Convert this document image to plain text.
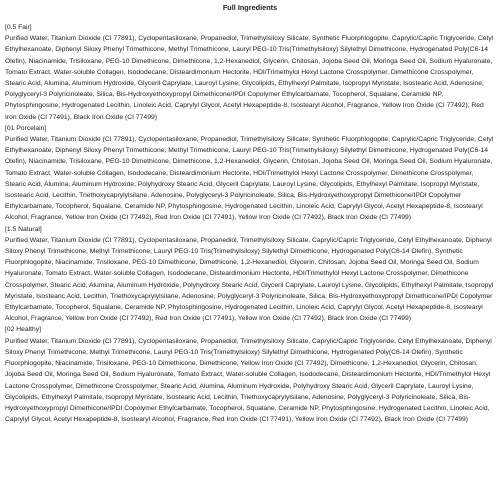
Full Ingredients
[0.5 Fair]
Purified Water, Titanium Dioxide (CI 77891), Cyclopentasiloxane, Propanediol, Trimethylsiloxy Silicate, Synthetic Fluorphlogopite, Caprylic/Capric Triglyceride, Cetyl Ethylhexanoate, Diphenyl Siloxy Phenyl Trimethicone, Methyl Trimethicone, Lauryl PEG-10 Tris(Trimethylsiloxy) Silylethyl Dimethicone, Hydrogenated Poly(C6-14 Olefin), Niacinamide, Trisiloxane, PEG-10 Dimethicone, Dimethicone, 1,2-Hexanediol, Glycerin, Chitosan, Jojoba Seed Oil, Moringa Seed Oil, Sodium Hyaluronate, Tomato Extract, Water-soluble Collagen, Isododecane, Disteardimonium Hectorite, HDI/Trimethylol Hexyl Lactone Crosspolymer, Dimethicone Crosspolymer, Stearic Acid, Alumina, Aluminum Hydroxide, Glyceril Caprylate, Lauroyl Lysine, Glycolipids, Ethylhexyl Palmitate, Isopropyl Myristate, Isostearic Acid, Adenosine, Polyglyceryl-3 Polyricinoleate, Silica, Bis-Hydroxyethoxypropyl Dimethicone/IPDI Copolymer Ethylcarbamate, Tocopherol, Squalane, Ceramide NP, Phytosphingosine, Hydrogenated Lecithin, Linoleic Acid, Caprylyl Glycol, Acetyl Hexapeptide-8, Isostearyl Alcohol, Fragrance, Yellow Iron Oxide (CI 77492), Red Iron Oxide (CI 77491), Black Iron Oxide (CI 77499)
[01 Porcelain]
Purified Water, Titanium Dioxide (CI 77891), Cyclopentasiloxane, Propanediol, Trimethylsiloxy Silicate, Synthetic Fluorphlogopite, Caprylic/Capric Triglyceride, Cetyl Ethylhexanoate, Diphenyl Siloxy Phenyl Trimethicone, Methyl Trimethicone, Lauryl PEG-10 Tris(Trimethylsiloxy) Silylethyl Dimethicone, Hydrogenated Poly(C6-14 Olefin), Niacinamide, Trisiloxane, PEG-10 Dimethicone, Dimethicone, 1,2-Hexanediol, Glycerin, Chitosan, Jojoba Seed Oil, Moringa Seed Oil, Sodium Hyaluronate, Tomato Extract, Water-soluble Collagen, Isododecane, Disteardimonium Hectorite, HDI/Trimethylol Hexyl Lactone Crosspolymer, Dimethicone Crosspolymer, Stearic Acid, Alumina, Aluminum Hydroxide, Polyhydroxy Stearic Acid, Glyceril Caprylate, Lauroyl Lysine, Glycolipids, Ethylhexyl Palmitate, Isopropyl Myristate, Isostearic Acid, Lecithin, Triethoxycaprylylsilane, Adenosine, Polyglyceryl-3 Polyricinoleate, Silica, Bis-Hydroxyethoxypropyl Dimethicone/IPDI Copolymer Ethylcarbamate, Tocopherol, Squalane, Ceramide NP, Phytosphingosine, Hydrogenated Lecithin, Linoleic Acid, Caprylyl Glycol, Acetyl Hexapeptide-8, Isostearyl Alcohol, Fragrance, Yellow Iron Oxide (CI 77492), Red Iron Oxide (CI 77491), Yellow Iron Oxide (CI 77492), Black Iron Oxide (CI 77499)
[1.5 Natural]
Purified Water, Titanium Dioxide (CI 77891), Cyclopentasiloxane, Propanediol, Trimethylsiloxy Silicate, Caprylic/Capric Triglyceride, Cetyl Ethylhexanoate, Diphenyl Siloxy Phenyl Trimethicone, Methyl Trimethicone, Lauryl PEG-10 Tris(Trimethylsiloxy) Silylethyl Dimethicone, Hydrogenated Poly(C6-14 Olefin), Synthetic Fluorphlogopite, Niacinamide, Trisiloxane, PEG-10 Dimethicone, Dimethicone, 1,2-Hexanediol, Glycerin, Chitosan, Jojoba Seed Oil, Moringa Seed Oil, Sodium Hyaluronate, Tomato Extract, Water-soluble Collagen, Isododecane, Disteardimonium Hectorite, HDI/Trimethylol Hexyl Lactone Crosspolymer, Dimethicone Crosspolymer, Stearic Acid, Alumina, Aluminum Hydroxide, Polyhydroxy Stearic Acid, Glyceril Caprylate, Lauroyl Lysine, Glycolipids, Ethylhexyl Palmitate, Isopropyl Myristate, Isostearic Acid, Lecithin, Triethoxycaprylylsilane, Adenosine, Polyglyceryl-3 Polyricinoleate, Silica, Bis-Hydroxyethoxypropyl Dimethicone/IPDI Copolymer Ethylcarbamate, Tocopherol, Squalane, Ceramide NP, Phytosphingosine, Hydrogenated Lecithin, Linoleic Acid, Caprylyl Glycol, Acetyl Hexapeptide-8, Isostearyl Alcohol, Fragrance, Yellow Iron Oxide (CI 77492), Red Iron Oxide (CI 77491), Yellow Iron Oxide (CI 77492), Black Iron Oxide (CI 77499)
[02 Healthy]
Purified Water, Titanium Dioxide (CI 77891), Cyclopentasiloxane, Propanediol, Trimethylsiloxy Silicate, Caprylic/Capric Triglyceride, Cetyl Ethylhexanoate, Diphenyl Siloxy Phenyl Trimethicone, Methyl Trimethicone, Lauryl PEG-10 Tris(Trimethylsiloxy) Silylethyl Dimethicone, Hydrogenated Poly(C6-14 Olefin), Synthetic Fluorphlogopite, Niacinamide, Trisiloxane, PEG-10 Dimethicone, Dimethicone, Yellow Iron Oxide (CI 77492), Dimethicone, 1,2-Hexanediol, Glycerin, Chitosan, Jojoba Seed Oil, Moringa Seed Oil, Sodium Hyaluronate, Tomato Extract, Water-soluble Collagen, Isododecane, Disteardimonium Hectorite, HDI/Trimethylol Hexyl Lactone Crosspolymer, Dimethicone Crosspolymer, Stearic Acid, Alumina, Aluminum Hydroxide, Polyhydroxy Stearic Acid, Glyceril Caprylate, Lauroyl Lysine, Glycolipids, Ethylhexyl Palmitate, Isopropyl Myristate, Isostearic Acid, Lecithin, Triethoxycaprylylsilane, Adenosine, Polyglyceryl-3 Polyricinoleate, Silica, Bis-Hydroxyethoxypropyl Dimethicone/IPDI Copolymer Ethylcarbamate, Tocopherol, Squalane, Ceramide NP, Phytosphingosine, Hydrogenated Lecithin, Linoleic Acid, Caprylyl Glycol, Acetyl Hexapeptide-8, Isostearyl Alcohol, Fragrance, Red Iron Oxide (CI 77491), Yellow Iron Oxide (CI 77492), Black Iron Oxide (CI 77499)
